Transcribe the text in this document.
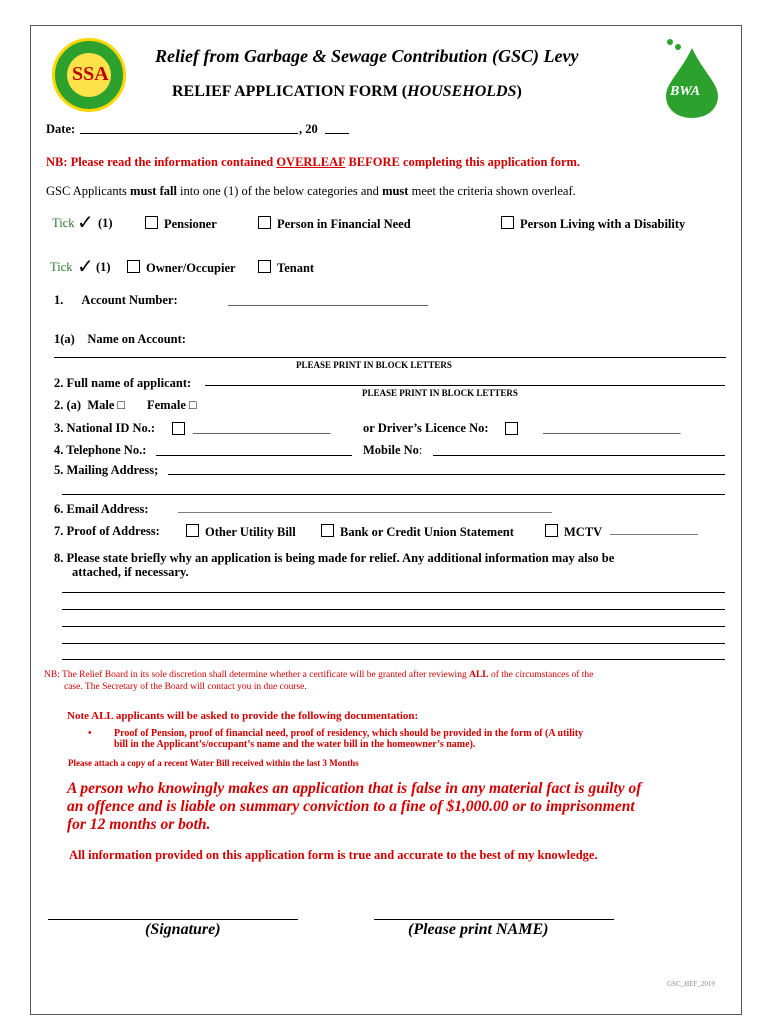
SSA
BWA
Relief from Garbage & Sewage Contribution (GSC) Levy
RELIEF APPLICATION FORM (HOUSEHOLDS)
Date:	, 20
NB: Please read the information contained OVERLEAF BEFORE completing this application form.
GSC Applicants must fall into one (1) of the below categories and must meet the criteria shown overleaf.
Tick ✓ (1)	Pensioner	Person in Financial Need	Person Living with a Disability
Tick ✓ (1)	Owner/Occupier	Tenant
1.      Account Number:	________________________________
1(a)    Name on Account:
PLEASE PRINT IN BLOCK LETTERS
2. Full name of applicant:
PLEASE PRINT IN BLOCK LETTERS
2. (a)  Male □ Female □
3. National ID No.:	______________________	or Driver’s Licence No:	______________________
4. Telephone No.:	Mobile No:
5. Mailing Address;
6. Email Address:	____________________________________________________________________
7. Proof of Address:	Other Utility Bill	Bank or Credit Union Statement	MCTV ________________
8. Please state briefly why an application is being made for relief. Any additional information may also be
attached, if necessary.
NB: The Relief Board in its sole discretion shall determine whether a certificate will be granted after reviewing ALL of the circumstances of the
case. The Secretary of the Board will contact you in due course.
Note ALL applicants will be asked to provide the following documentation:
• Proof of Pension, proof of financial need, proof of residency, which should be provided in the form of (A utility
bill in the Applicant’s/occupant’s name and the water bill in the homeowner’s name).
Please attach a copy of a recent Water Bill received within the last 3 Months
A person who knowingly makes an application that is false in any material fact is guilty of
an offence and is liable on summary conviction to a fine of $1,000.00 or to imprisonment
for 12 months or both.
All information provided on this application form is true and accurate to the best of my knowledge.
(Signature)	(Please print NAME)
GSC_HEF_2019
